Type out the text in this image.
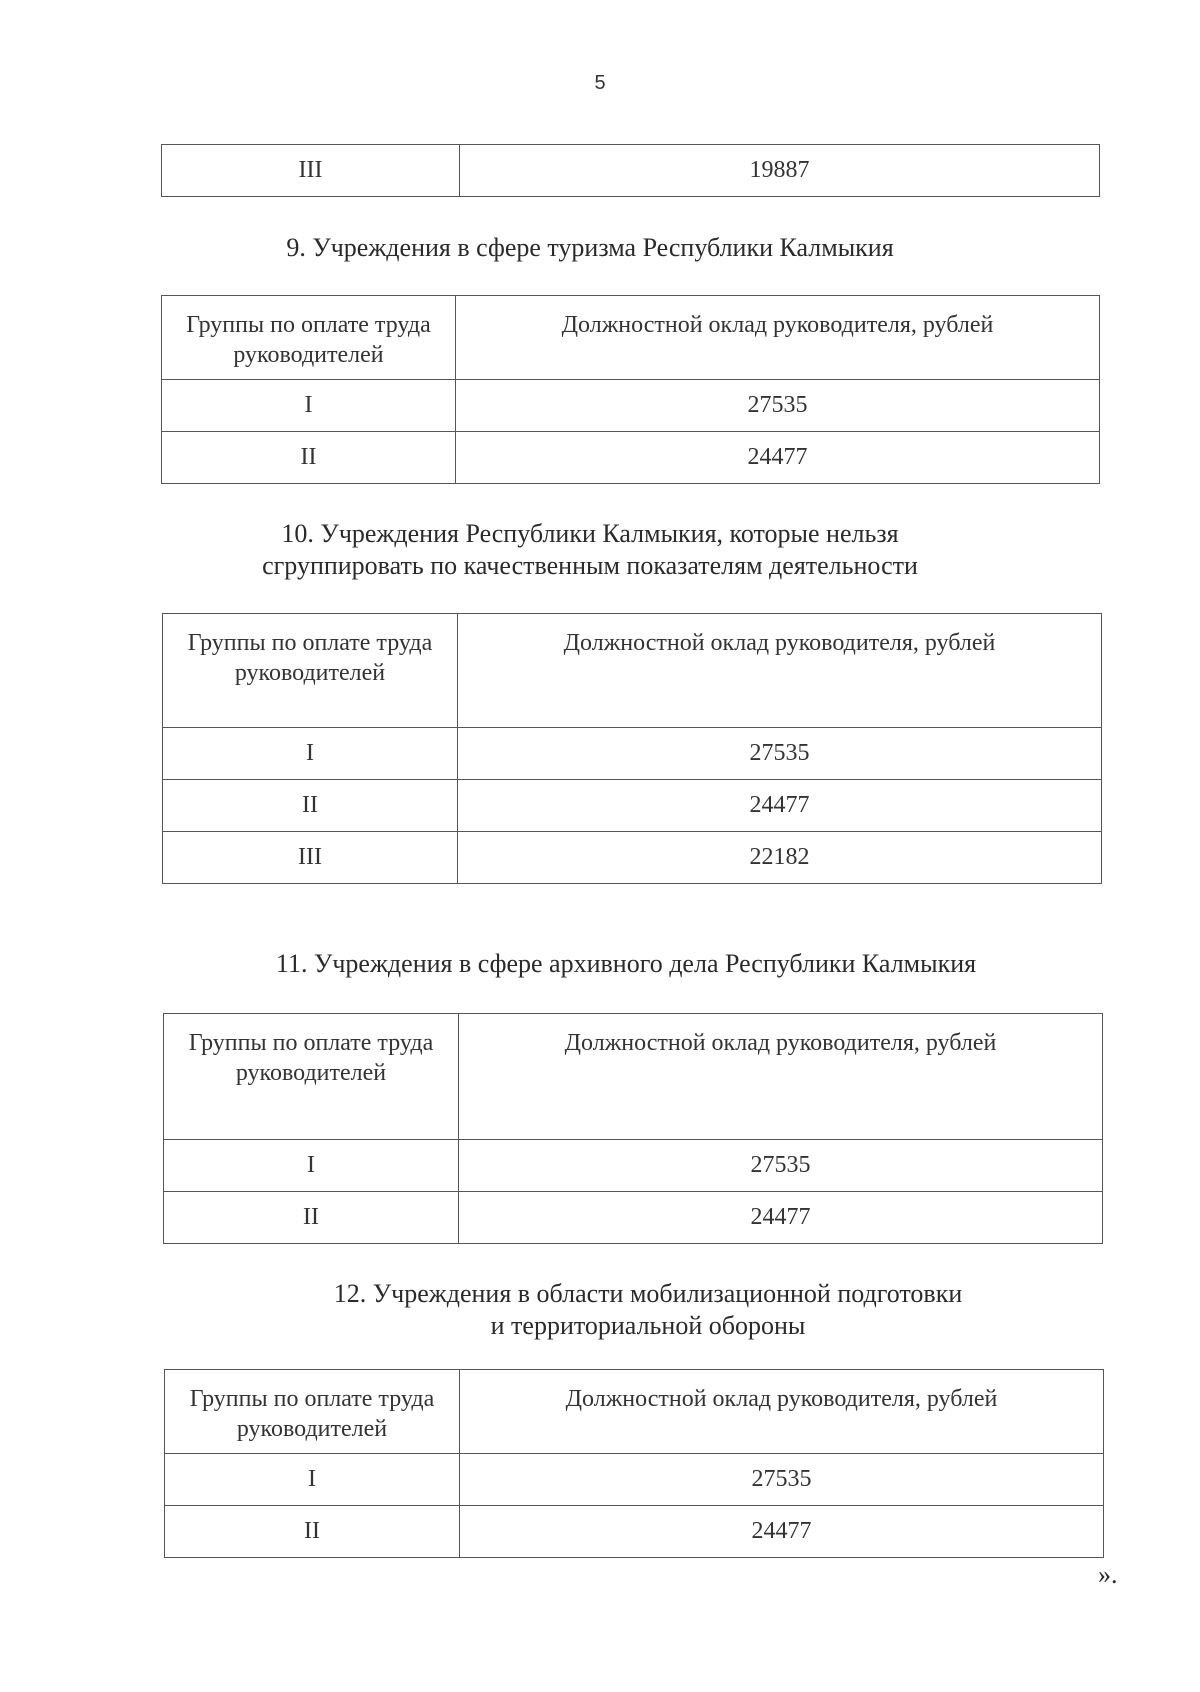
5
III	19887
9. Учреждения в сфере туризма Республики Калмыкия
Группы по оплате труда
руководителей	Должностной оклад руководителя, рублей
I	27535
II	24477
10. Учреждения Республики Калмыкия, которые нельзя
сгруппировать по качественным показателям деятельности
Группы по оплате труда
руководителей	Должностной оклад руководителя, рублей
I	27535
II	24477
III	22182
11. Учреждения в сфере архивного дела Республики Калмыкия
Группы по оплате труда
руководителей	Должностной оклад руководителя, рублей
I	27535
II	24477
12. Учреждения в области мобилизационной подготовки
и территориальной обороны
Группы по оплате труда
руководителей	Должностной оклад руководителя, рублей
I	27535
II	24477
».
